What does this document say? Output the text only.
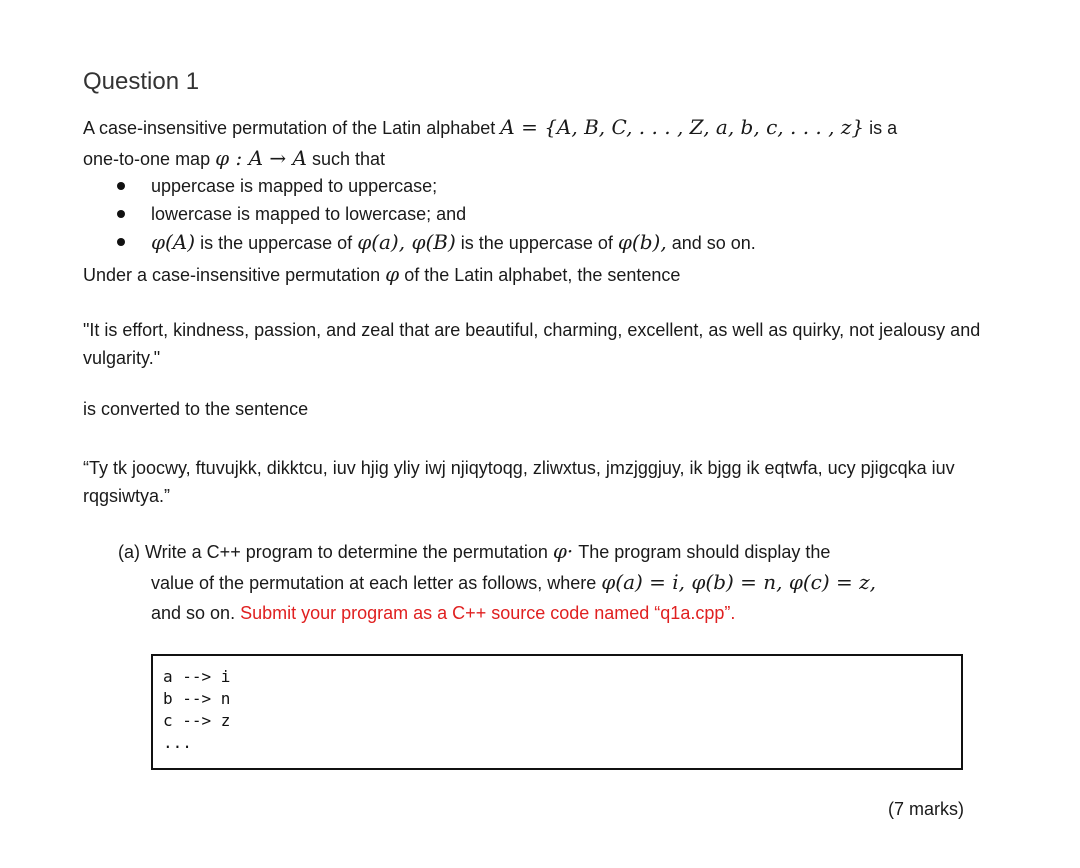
Question 1

A case-insensitive permutation of the Latin alphabet A = {A, B, C, . . . , Z, a, b, c, . . . , z} is a
one-to-one map φ : A → A such that

uppercase is mapped to uppercase;
lowercase is mapped to lowercase; and
φ(A) is the uppercase of φ(a), φ(B) is the uppercase of φ(b), and so on.

Under a case-insensitive permutation φ of the Latin alphabet, the sentence

"It is effort, kindness, passion, and zeal that are beautiful, charming, excellent, as well as quirky, not jealousy and vulgarity."

is converted to the sentence

“Ty tk joocwy, ftuvujkk, dikktcu, iuv hjig yliy iwj njiqytoqg, zliwxtus, jmzjggjuy, ik bjgg ik eqtwfa, ucy pjigcqka iuv rqgsiwtya.”

(a) Write a C++ program to determine the permutation φ· The program should display the
value of the permutation at each letter as follows, where φ(a) = i, φ(b) = n, φ(c) = z,
and so on. Submit your program as a C++ source code named “q1a.cpp”.

a --> i
b --> n
c --> z
...

(7 marks)
